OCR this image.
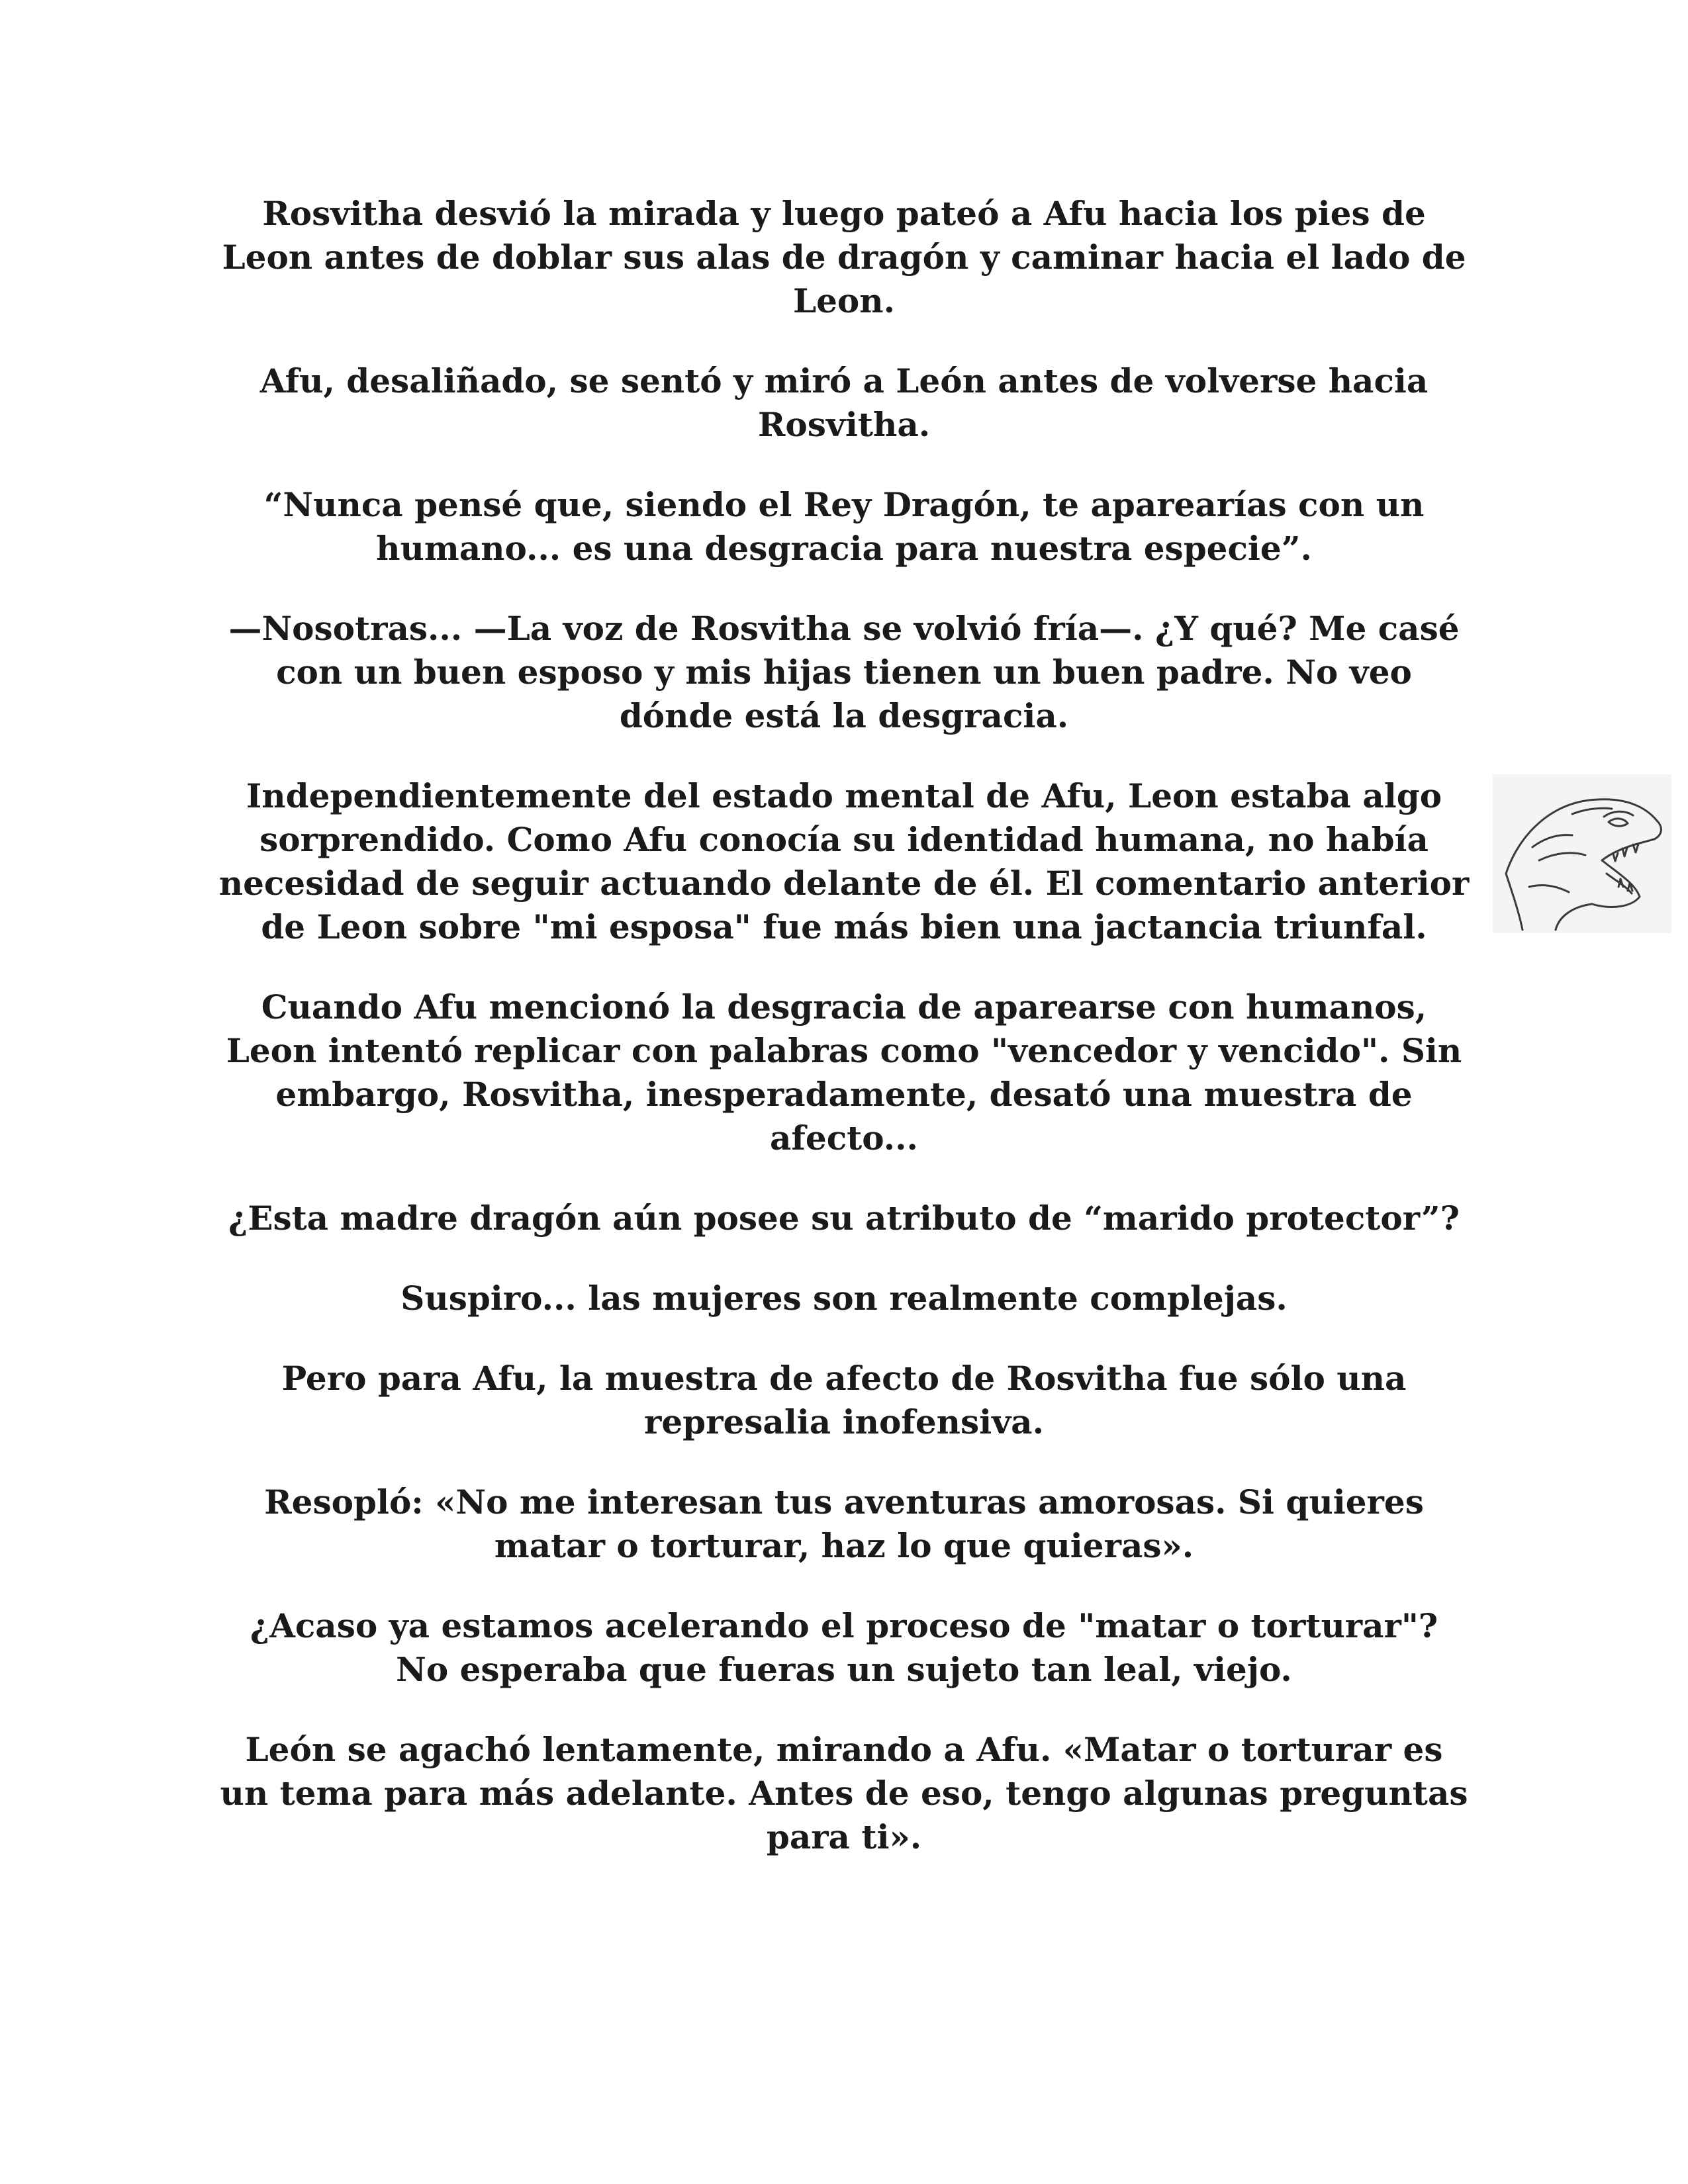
Rosvitha desvió la mirada y luego pateó a Afu hacia los pies de Leon antes de doblar sus alas de dragón y caminar hacia el lado de Leon.

Afu, desaliñado, se sentó y miró a León antes de volverse hacia Rosvitha.

“Nunca pensé que, siendo el Rey Dragón, te aparearías con un humano... es una desgracia para nuestra especie”.

—Nosotras... —La voz de Rosvitha se volvió fría—. ¿Y qué? Me casé con un buen esposo y mis hijas tienen un buen padre. No veo dónde está la desgracia.

Independientemente del estado mental de Afu, Leon estaba algo sorprendido. Como Afu conocía su identidad humana, no había necesidad de seguir actuando delante de él. El comentario anterior de Leon sobre "mi esposa" fue más bien una jactancia triunfal.

Cuando Afu mencionó la desgracia de aparearse con humanos, Leon intentó replicar con palabras como "vencedor y vencido". Sin embargo, Rosvitha, inesperadamente, desató una muestra de afecto...

¿Esta madre dragón aún posee su atributo de “marido protector”?

Suspiro... las mujeres son realmente complejas.

Pero para Afu, la muestra de afecto de Rosvitha fue sólo una represalia inofensiva.

Resopló: «No me interesan tus aventuras amorosas. Si quieres matar o torturar, haz lo que quieras».

¿Acaso ya estamos acelerando el proceso de "matar o torturar"? No esperaba que fueras un sujeto tan leal, viejo.

León se agachó lentamente, mirando a Afu. «Matar o torturar es un tema para más adelante. Antes de eso, tengo algunas preguntas para ti».
